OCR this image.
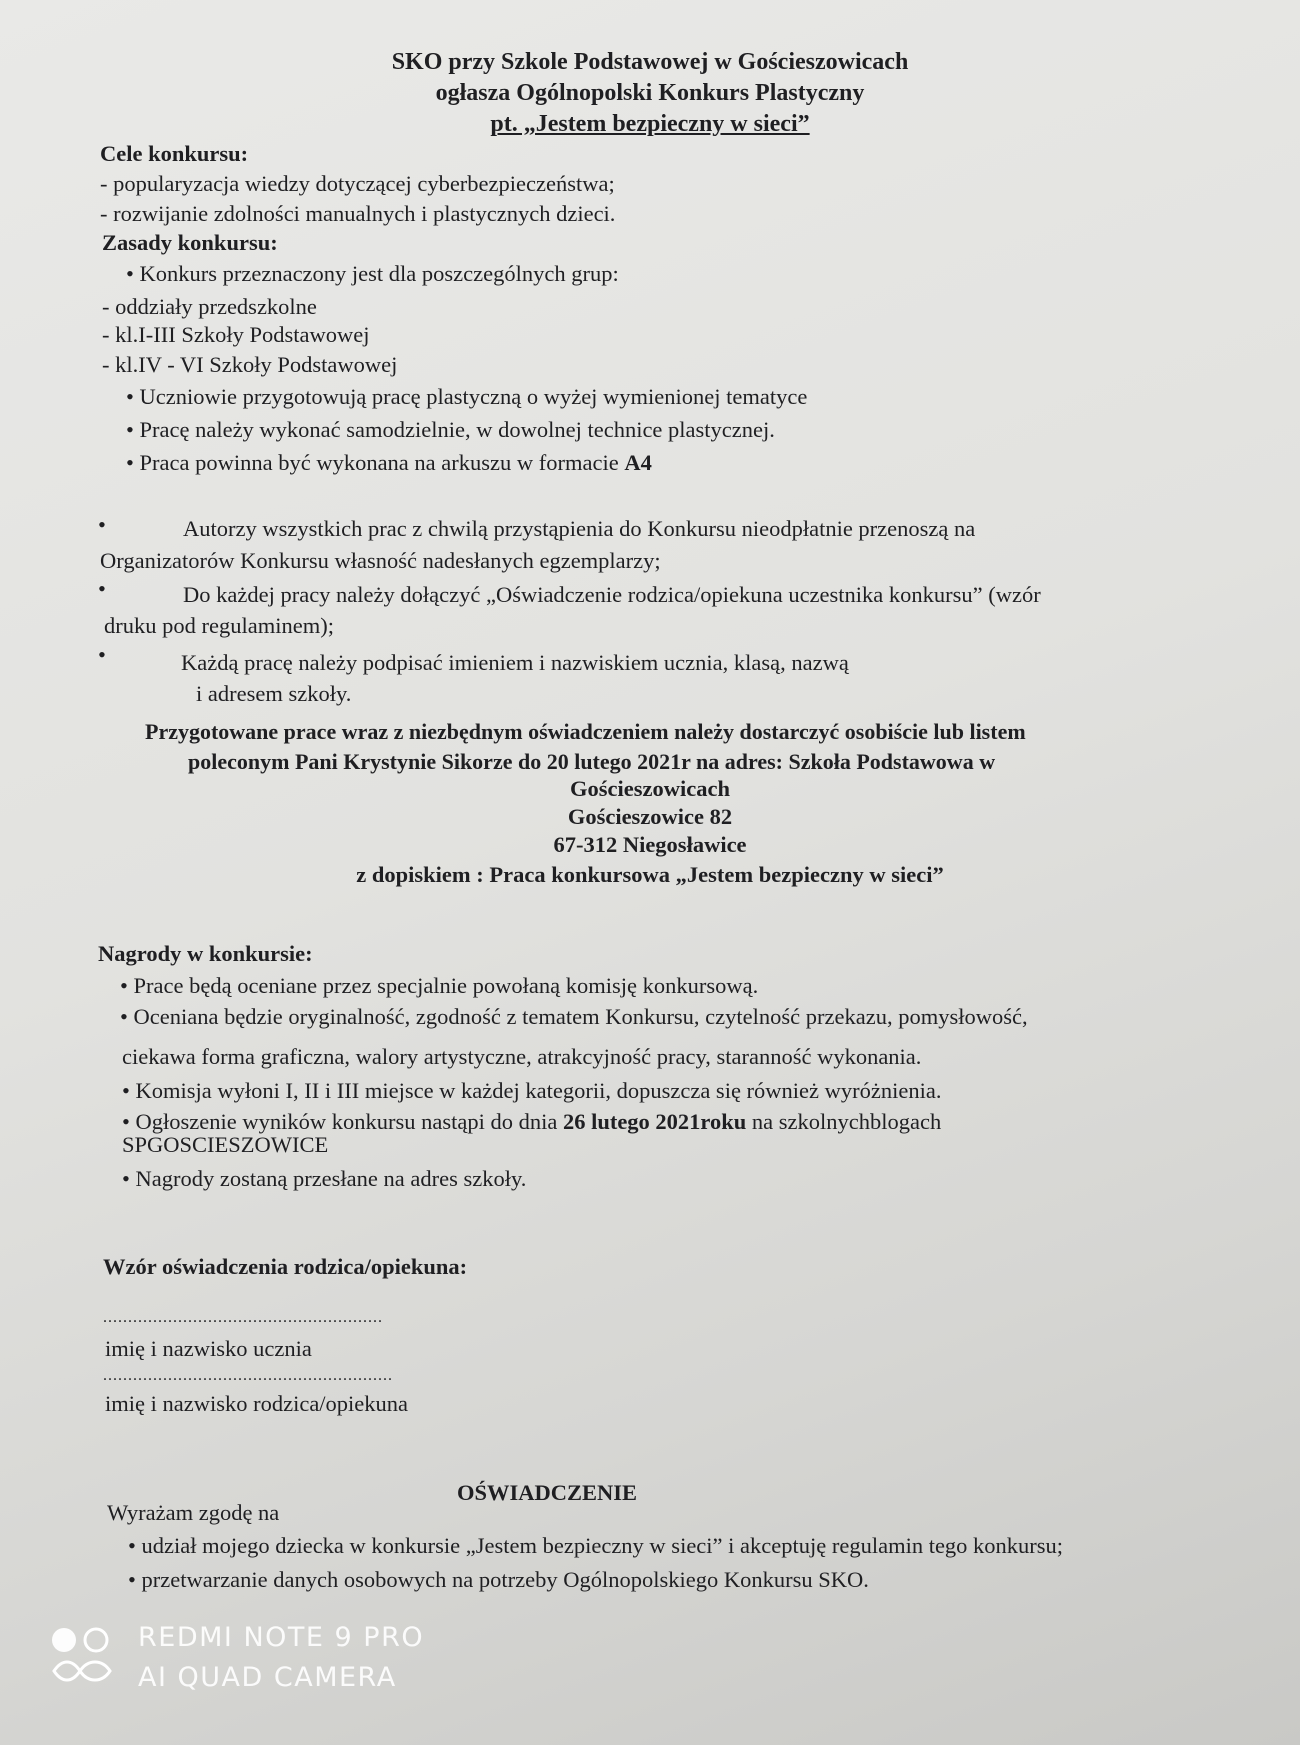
SKO przy Szkole Podstawowej w Gościeszowicach
ogłasza Ogólnopolski Konkurs Plastyczny
pt. „Jestem bezpieczny w sieci”
Cele konkursu:
- popularyzacja wiedzy dotyczącej cyberbezpieczeństwa;
- rozwijanie zdolności manualnych i plastycznych dzieci.
Zasady konkursu:
• Konkurs przeznaczony jest dla poszczególnych grup:
- oddziały przedszkolne
- kl.I-III Szkoły Podstawowej
- kl.IV - VI Szkoły Podstawowej
• Uczniowie przygotowują pracę plastyczną o wyżej wymienionej tematyce
• Pracę należy wykonać samodzielnie, w dowolnej technice plastycznej.
• Praca powinna być wykonana na arkuszu w formacie A4
•	Autorzy wszystkich prac z chwilą przystąpienia do Konkursu nieodpłatnie przenoszą na
Organizatorów Konkursu własność nadesłanych egzemplarzy;
•	Do każdej pracy należy dołączyć „Oświadczenie rodzica/opiekuna uczestnika konkursu” (wzór
druku pod regulaminem);
•	Każdą pracę należy podpisać imieniem i nazwiskiem ucznia, klasą, nazwą
i adresem szkoły.
Przygotowane prace wraz z niezbędnym oświadczeniem należy dostarczyć osobiście lub listem
poleconym Pani Krystynie Sikorze do 20 lutego 2021r na adres: Szkoła Podstawowa w
Gościeszowicach
Gościeszowice 82
67-312 Niegosławice
z dopiskiem : Praca konkursowa „Jestem bezpieczny w sieci”
Nagrody w konkursie:
• Prace będą oceniane przez specjalnie powołaną komisję konkursową.
• Oceniana będzie oryginalność, zgodność z tematem Konkursu, czytelność przekazu, pomysłowość,
ciekawa forma graficzna, walory artystyczne, atrakcyjność pracy, staranność wykonania.
• Komisja wyłoni I, II i III miejsce w każdej kategorii, dopuszcza się również wyróżnienia.
• Ogłoszenie wyników konkursu nastąpi do dnia 26 lutego 2021roku na szkolnychblogach
SPGOSCIESZOWICE
• Nagrody zostaną przesłane na adres szkoły.
Wzór oświadczenia rodzica/opiekuna:
........................................................
imię i nazwisko ucznia
..........................................................
imię i nazwisko rodzica/opiekuna
OŚWIADCZENIE
Wyrażam zgodę na
• udział mojego dziecka w konkursie „Jestem bezpieczny w sieci” i akceptuję regulamin tego konkursu;
• przetwarzanie danych osobowych na potrzeby Ogólnopolskiego Konkursu SKO.
REDMI NOTE 9 PRO
AI QUAD CAMERA
